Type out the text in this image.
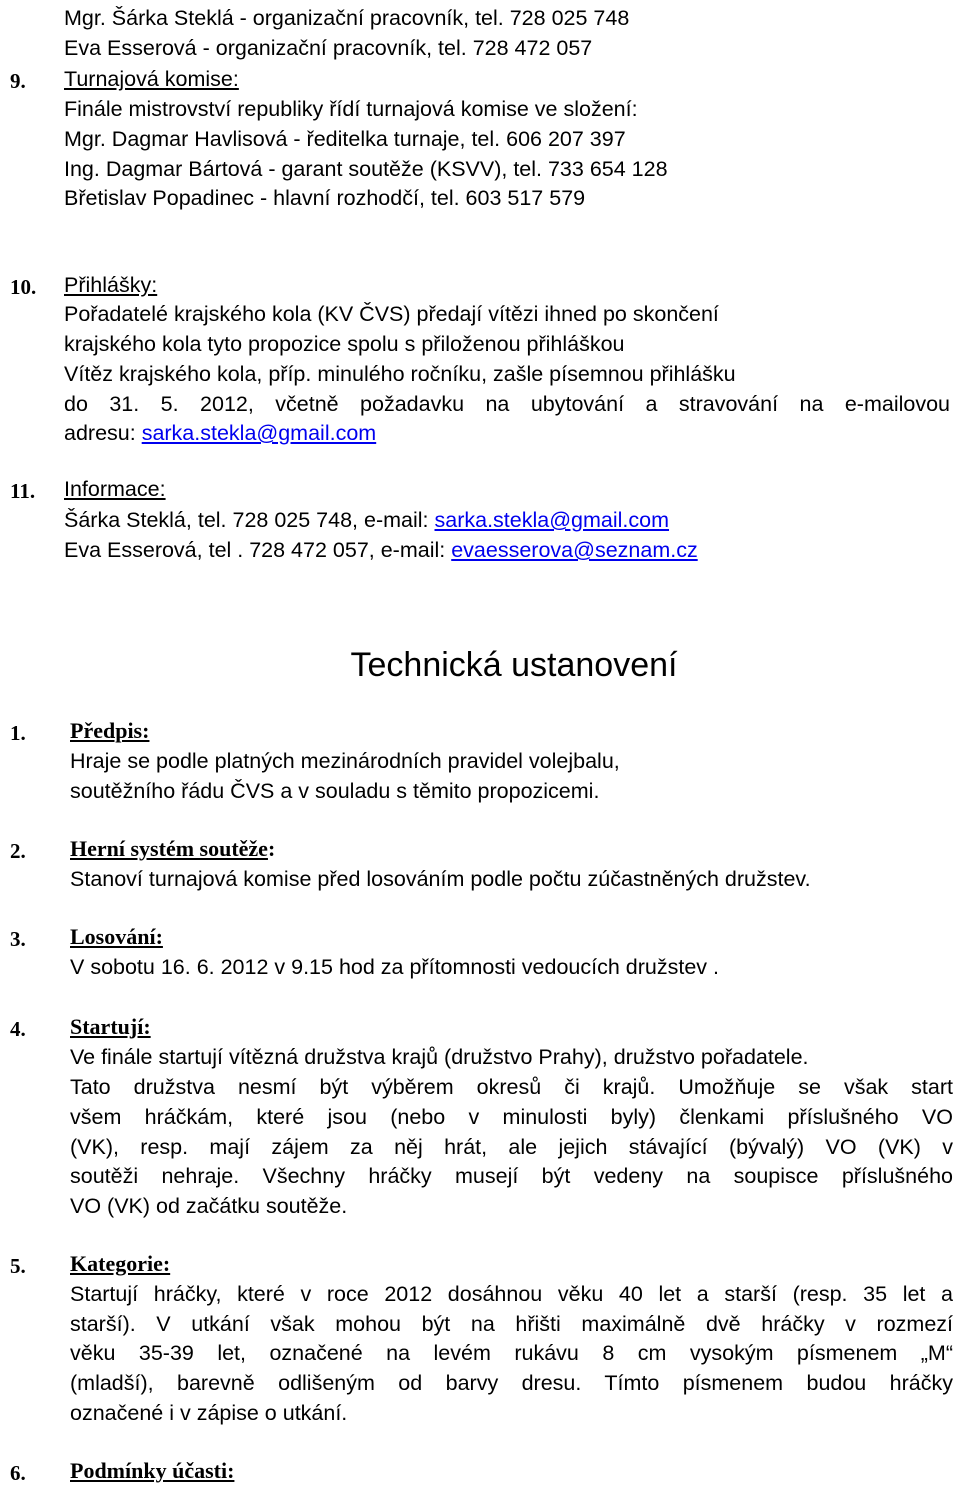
Mgr. Šárka Steklá - organizační pracovník, tel. 728 025 748
Eva Esserová - organizační pracovník, tel. 728 472 057
9. Turnajová komise:
Finále mistrovství republiky řídí turnajová komise ve složení:
Mgr. Dagmar Havlisová - ředitelka turnaje, tel. 606 207 397
Ing. Dagmar Bártová - garant soutěže (KSVV), tel. 733 654 128
Břetislav Popadinec - hlavní rozhodčí, tel. 603 517 579
10. Přihlášky:
Pořadatelé krajského kola (KV ČVS) předají vítězi ihned po skončení
krajského kola tyto propozice spolu s přiloženou přihláškou
Vítěz krajského kola, příp. minulého ročníku, zašle písemnou přihlášku
do 31. 5. 2012, včetně požadavku na ubytování a stravování na e-mailovou
adresu: sarka.stekla@gmail.com
11. Informace:
Šárka Steklá, tel. 728 025 748, e-mail: sarka.stekla@gmail.com
Eva Esserová, tel . 728 472 057, e-mail: evaesserova@seznam.cz
Technická ustanovení
1. Předpis:
Hraje se podle platných mezinárodních pravidel volejbalu,
soutěžního řádu ČVS a v souladu s těmito propozicemi.
2. Herní systém soutěže:
Stanoví turnajová komise před losováním podle počtu zúčastněných družstev.
3. Losování:
V sobotu 16. 6. 2012 v 9.15 hod za přítomnosti vedoucích družstev .
4. Startují:
Ve finále startují vítězná družstva krajů (družstvo Prahy), družstvo pořadatele.
Tato družstva nesmí být výběrem okresů či krajů. Umožňuje se však start
všem hráčkám, které jsou (nebo v minulosti byly) členkami příslušného VO
(VK), resp. mají zájem za něj hrát, ale jejich stávající (bývalý) VO (VK) v
soutěži nehraje. Všechny hráčky musejí být vedeny na soupisce příslušného
VO (VK) od začátku soutěže.
5. Kategorie:
Startují hráčky, které v roce 2012 dosáhnou věku 40 let a starší (resp. 35 let a
starší). V utkání však mohou být na hřišti maximálně dvě hráčky v rozmezí
věku 35-39 let, označené na levém rukávu 8 cm vysokým písmenem „M“
(mladší), barevně odlišeným od barvy dresu. Tímto písmenem budou hráčky
označené i v zápise o utkání.
6. Podmínky účasti:
